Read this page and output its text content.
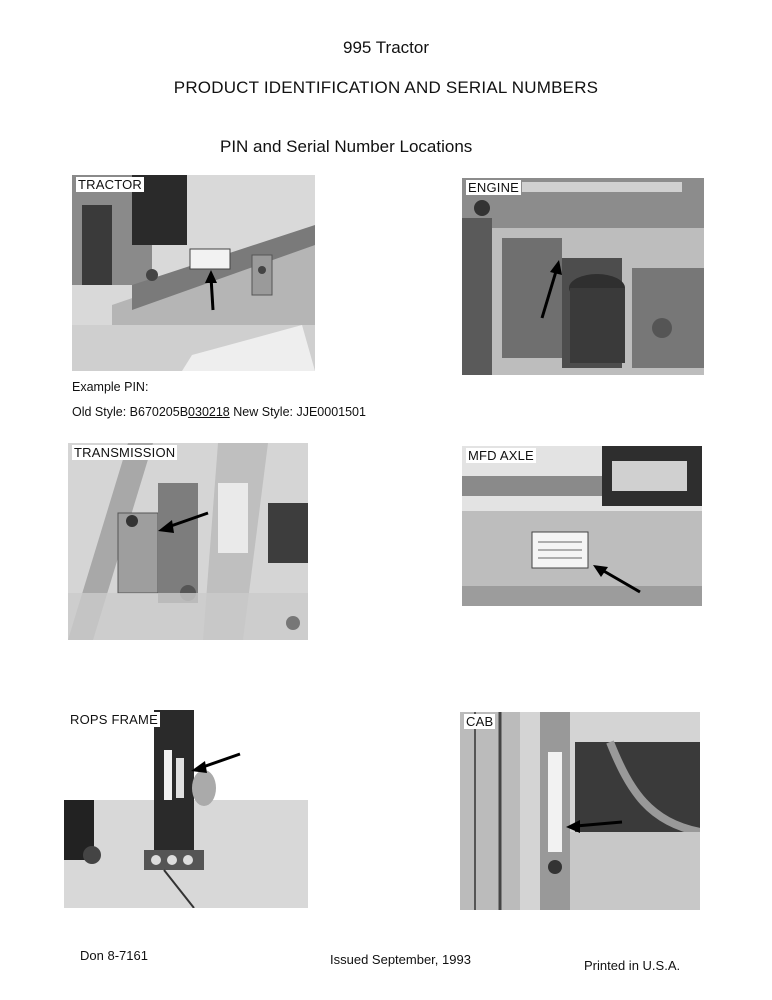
995 Tractor
PRODUCT IDENTIFICATION AND SERIAL NUMBERS
PIN and Serial Number Locations
TRACTOR	ENGINE
Example PIN:
Old Style: B670205B030218 New Style: JJE0001501
TRANSMISSION	MFD AXLE
ROPS FRAME	CAB
Don 8-7161	Issued September, 1993	Printed in U.S.A.
